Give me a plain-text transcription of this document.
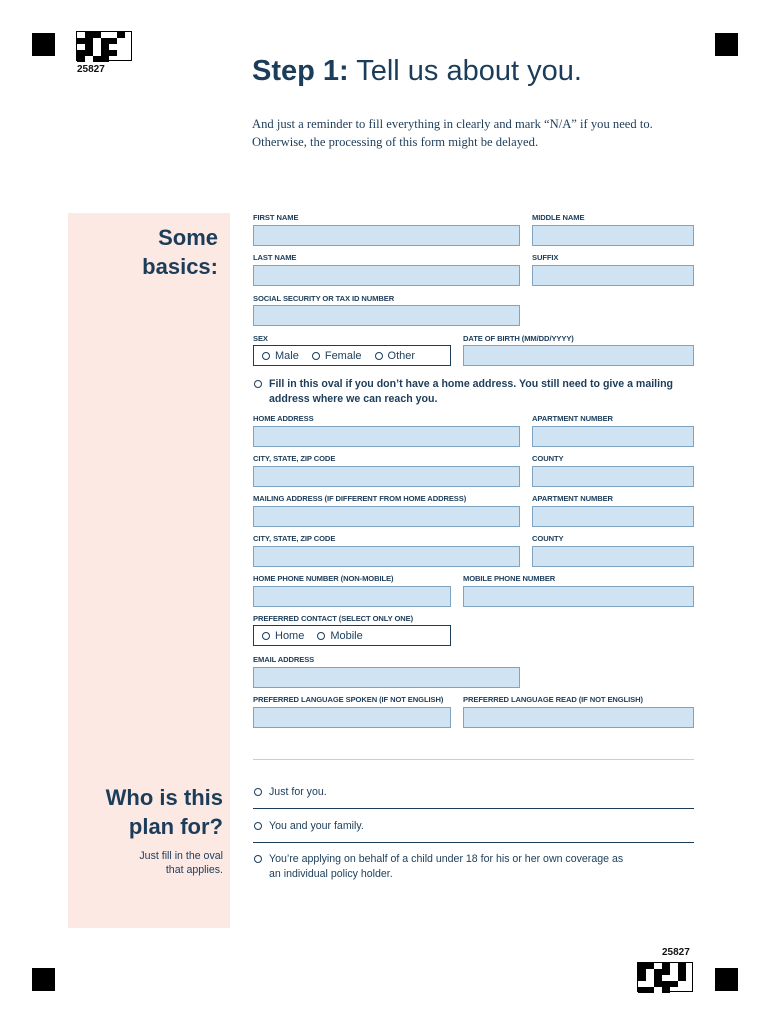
25827
25827
Step 1: Tell us about you.
And just a reminder to fill everything in clearly and mark “N/A” if you need to. Otherwise, the processing of this form might be delayed.
Some
basics:
FIRST NAME	MIDDLE NAME
LAST NAME	SUFFIX
SOCIAL SECURITY OR TAX ID NUMBER
SEX
Male Female Other
DATE OF BIRTH (MM/DD/YYYY)
Fill in this oval if you don’t have a home address. You still need to give a mailing address where we can reach you.
HOME ADDRESS	APARTMENT NUMBER
CITY, STATE, ZIP CODE	COUNTY
MAILING ADDRESS (IF DIFFERENT FROM HOME ADDRESS)	APARTMENT NUMBER
CITY, STATE, ZIP CODE	COUNTY
HOME PHONE NUMBER (NON-MOBILE)	MOBILE PHONE NUMBER
PREFERRED CONTACT (SELECT ONLY ONE)
Home Mobile
EMAIL ADDRESS
PREFERRED LANGUAGE SPOKEN (IF NOT ENGLISH)	PREFERRED LANGUAGE READ (IF NOT ENGLISH)
Who is this
plan for?
Just fill in the oval that applies.
Just for you.
You and your family.
You’re applying on behalf of a child under 18 for his or her own coverage as an individual policy holder.
